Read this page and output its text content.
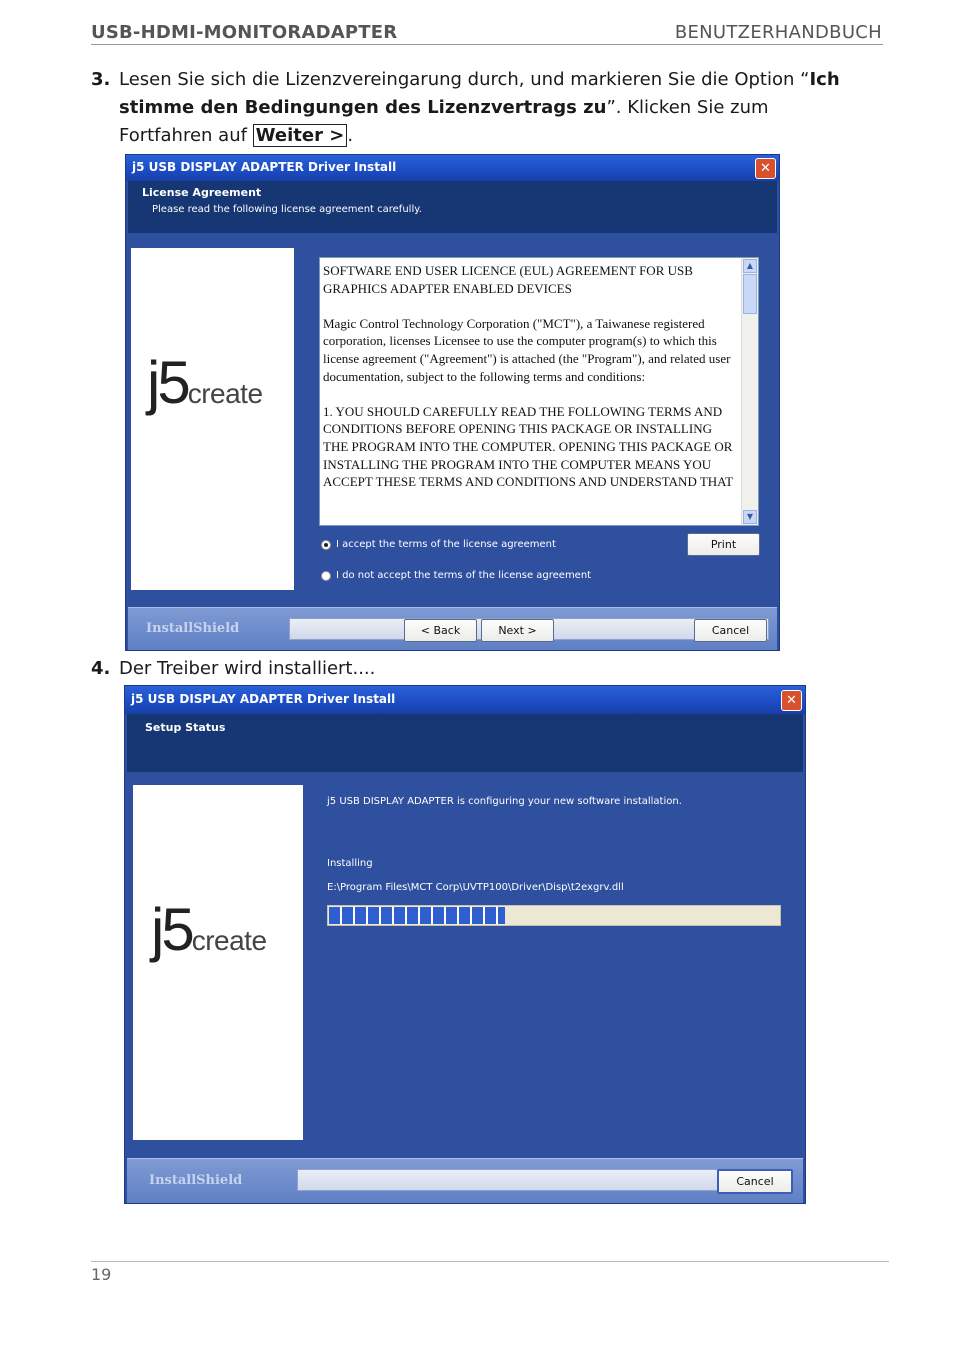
USB-HDMI-MONITORADAPTER	BENUTZERHANDBUCH
3. Lesen Sie sich die Lizenzvereingarung durch, und markieren Sie die Option “Ich stimme den Bedingungen des Lizenzvertrags zu”. Klicken Sie zum Fortfahren auf Weiter > .
j5 USB DISPLAY ADAPTER Driver Install	✕
License Agreement
Please read the following license agreement carefully.
j5create

SOFTWARE END USER LICENCE (EUL) AGREEMENT FOR USB GRAPHICS ADAPTER ENABLED DEVICES

Magic Control Technology Corporation ("MCT"), a Taiwanese registered corporation, licenses Licensee to use the computer program(s) to which this license agreement ("Agreement") is attached (the "Program"), and related user documentation, subject to the following terms and conditions:

1. YOU SHOULD CAREFULLY READ THE FOLLOWING TERMS AND CONDITIONS BEFORE OPENING THIS PACKAGE OR INSTALLING THE PROGRAM INTO THE COMPUTER. OPENING THIS PACKAGE OR INSTALLING THE PROGRAM INTO THE COMPUTER MEANS YOU ACCEPT THESE TERMS AND CONDITIONS AND UNDERSTAND THAT

▲
▼
I accept the terms of the license agreement
I do not accept the terms of the license agreement
Print
InstallShield	< Back	Next >	Cancel
4. Der Treiber wird installiert....
j5 USB DISPLAY ADAPTER Driver Install	✕
Setup Status
j5create
j5 USB DISPLAY ADAPTER is configuring your new software installation.
Installing
E:\Program Files\MCT Corp\UVTP100\Driver\Disp\t2exgrv.dll
InstallShield	Cancel
19
